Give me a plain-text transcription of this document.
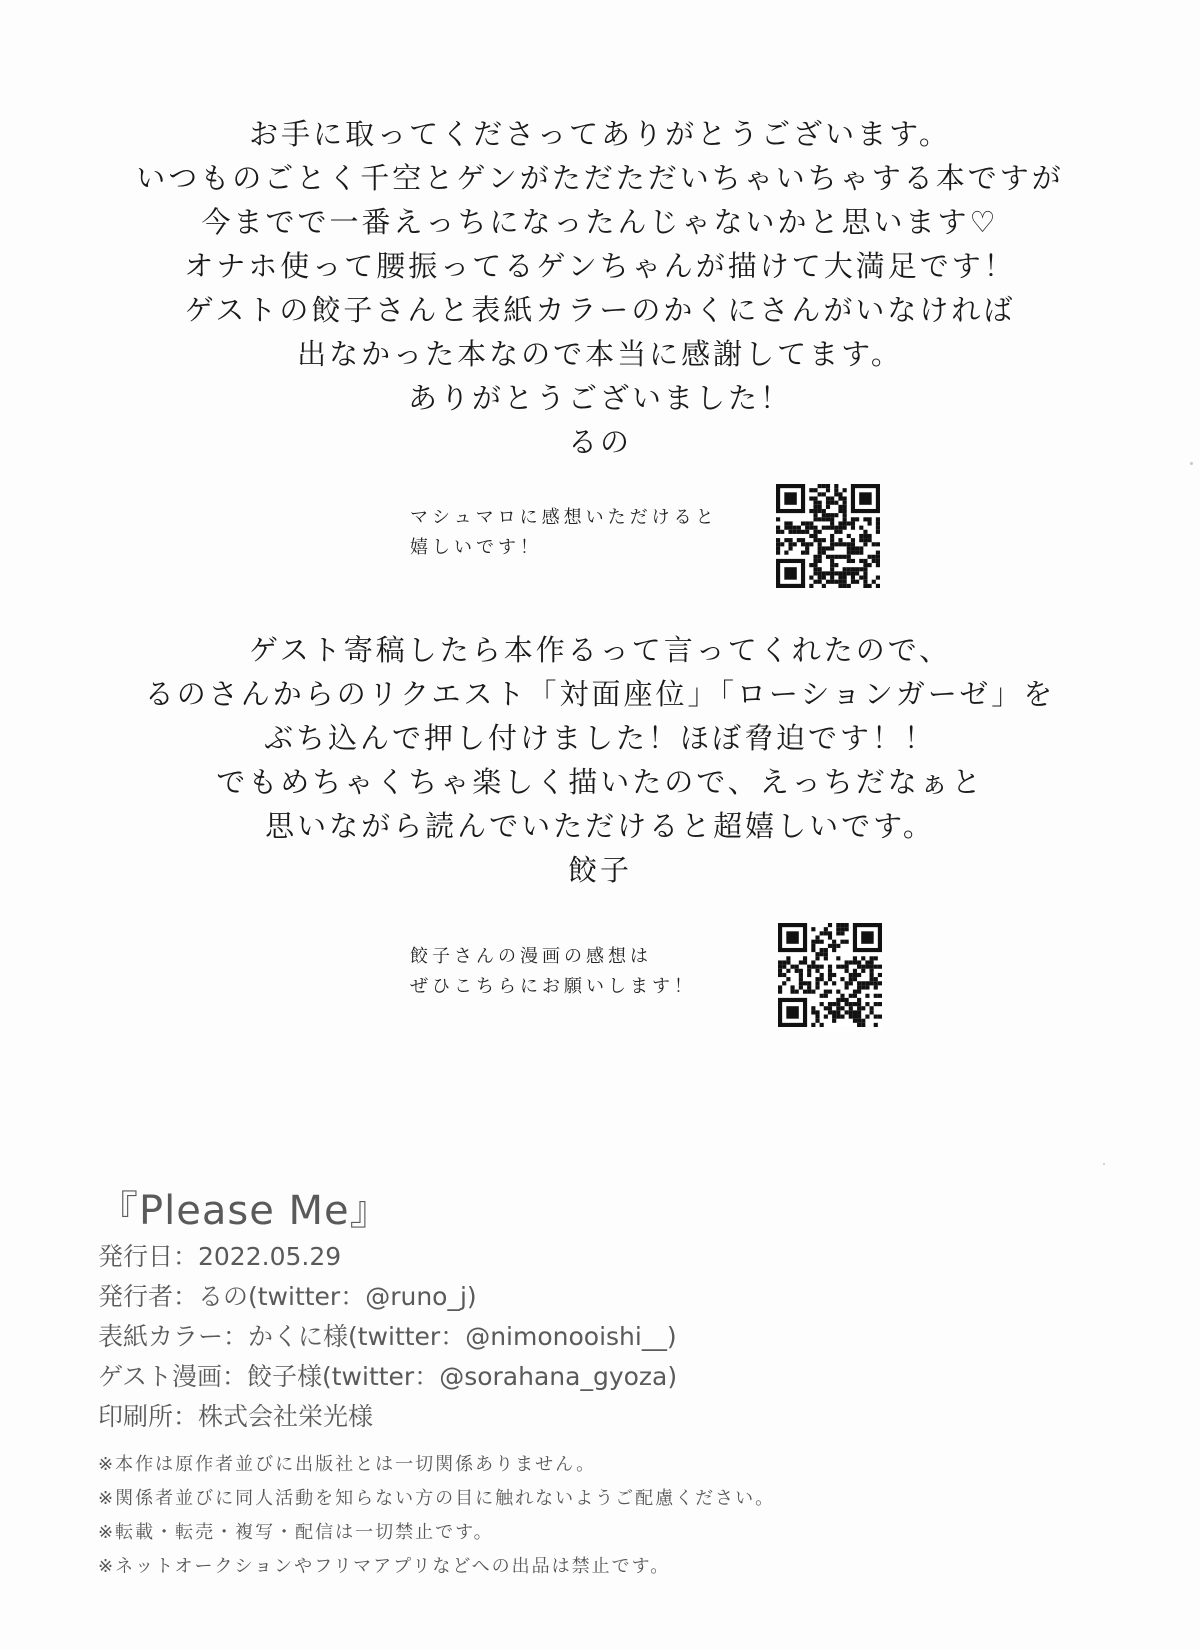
お手に取ってくださってありがとうございます。
いつものごとく千空とゲンがただただいちゃいちゃする本ですが
今までで一番えっちになったんじゃないかと思います♡
オナホ使って腰振ってるゲンちゃんが描けて大満足です！
ゲストの餃子さんと表紙カラーのかくにさんがいなければ
出なかった本なので本当に感謝してます。
ありがとうございました！
るの
マシュマロに感想いただけると
嬉しいです！
ゲスト寄稿したら本作るって言ってくれたので、
るのさんからのリクエスト「対面座位」「ローションガーゼ」を
ぶち込んで押し付けました！ほぼ脅迫です！！
でもめちゃくちゃ楽しく描いたので、えっちだなぁと
思いながら読んでいただけると超嬉しいです。
餃子
餃子さんの漫画の感想は
ぜひこちらにお願いします！
『Please Me』
発行日：2022.05.29
発行者：るの(twitter：@runo_j)
表紙カラー：かくに様(twitter：@nimonooishi__)
ゲスト漫画：餃子様(twitter：@sorahana_gyoza)
印刷所：株式会社栄光様
※本作は原作者並びに出版社とは一切関係ありません。
※関係者並びに同人活動を知らない方の目に触れないようご配慮ください。
※転載・転売・複写・配信は一切禁止です。
※ネットオークションやフリマアプリなどへの出品は禁止です。
